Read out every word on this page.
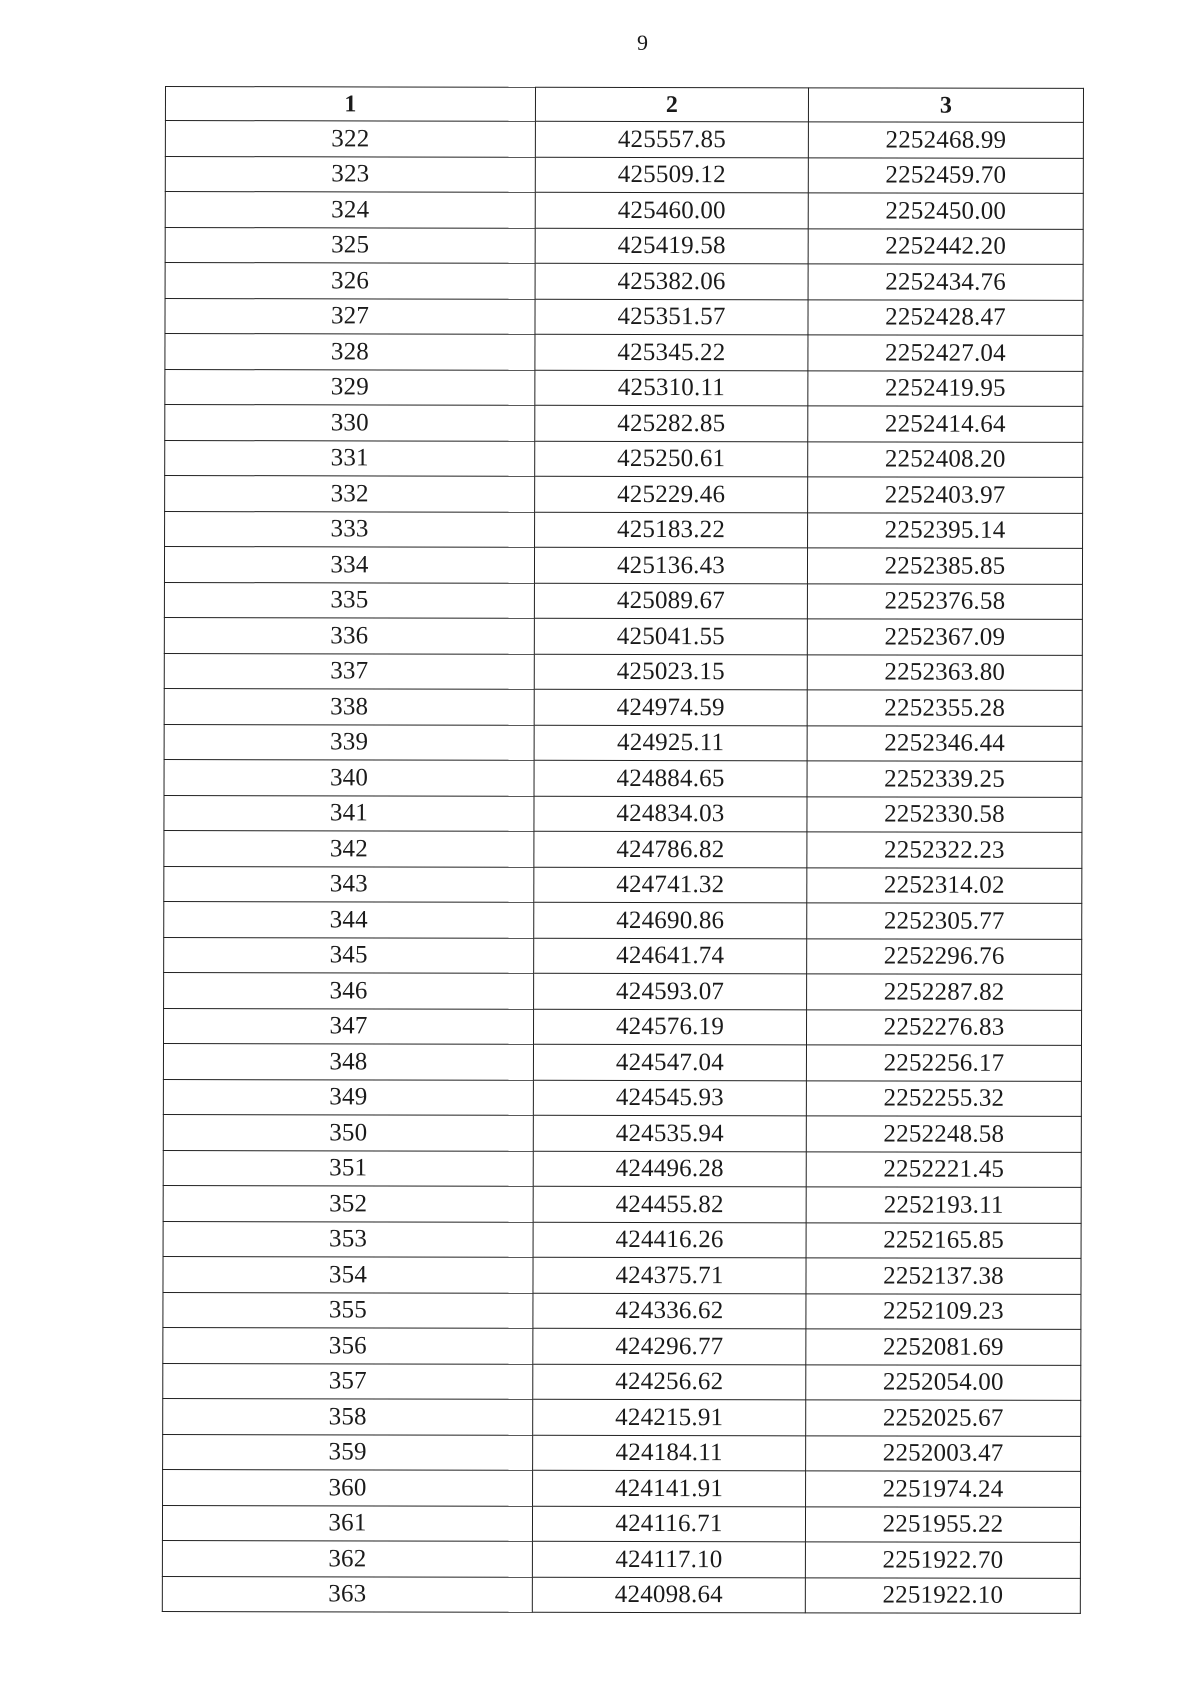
9
1	2	3
322	425557.85	2252468.99
323	425509.12	2252459.70
324	425460.00	2252450.00
325	425419.58	2252442.20
326	425382.06	2252434.76
327	425351.57	2252428.47
328	425345.22	2252427.04
329	425310.11	2252419.95
330	425282.85	2252414.64
331	425250.61	2252408.20
332	425229.46	2252403.97
333	425183.22	2252395.14
334	425136.43	2252385.85
335	425089.67	2252376.58
336	425041.55	2252367.09
337	425023.15	2252363.80
338	424974.59	2252355.28
339	424925.11	2252346.44
340	424884.65	2252339.25
341	424834.03	2252330.58
342	424786.82	2252322.23
343	424741.32	2252314.02
344	424690.86	2252305.77
345	424641.74	2252296.76
346	424593.07	2252287.82
347	424576.19	2252276.83
348	424547.04	2252256.17
349	424545.93	2252255.32
350	424535.94	2252248.58
351	424496.28	2252221.45
352	424455.82	2252193.11
353	424416.26	2252165.85
354	424375.71	2252137.38
355	424336.62	2252109.23
356	424296.77	2252081.69
357	424256.62	2252054.00
358	424215.91	2252025.67
359	424184.11	2252003.47
360	424141.91	2251974.24
361	424116.71	2251955.22
362	424117.10	2251922.70
363	424098.64	2251922.10
